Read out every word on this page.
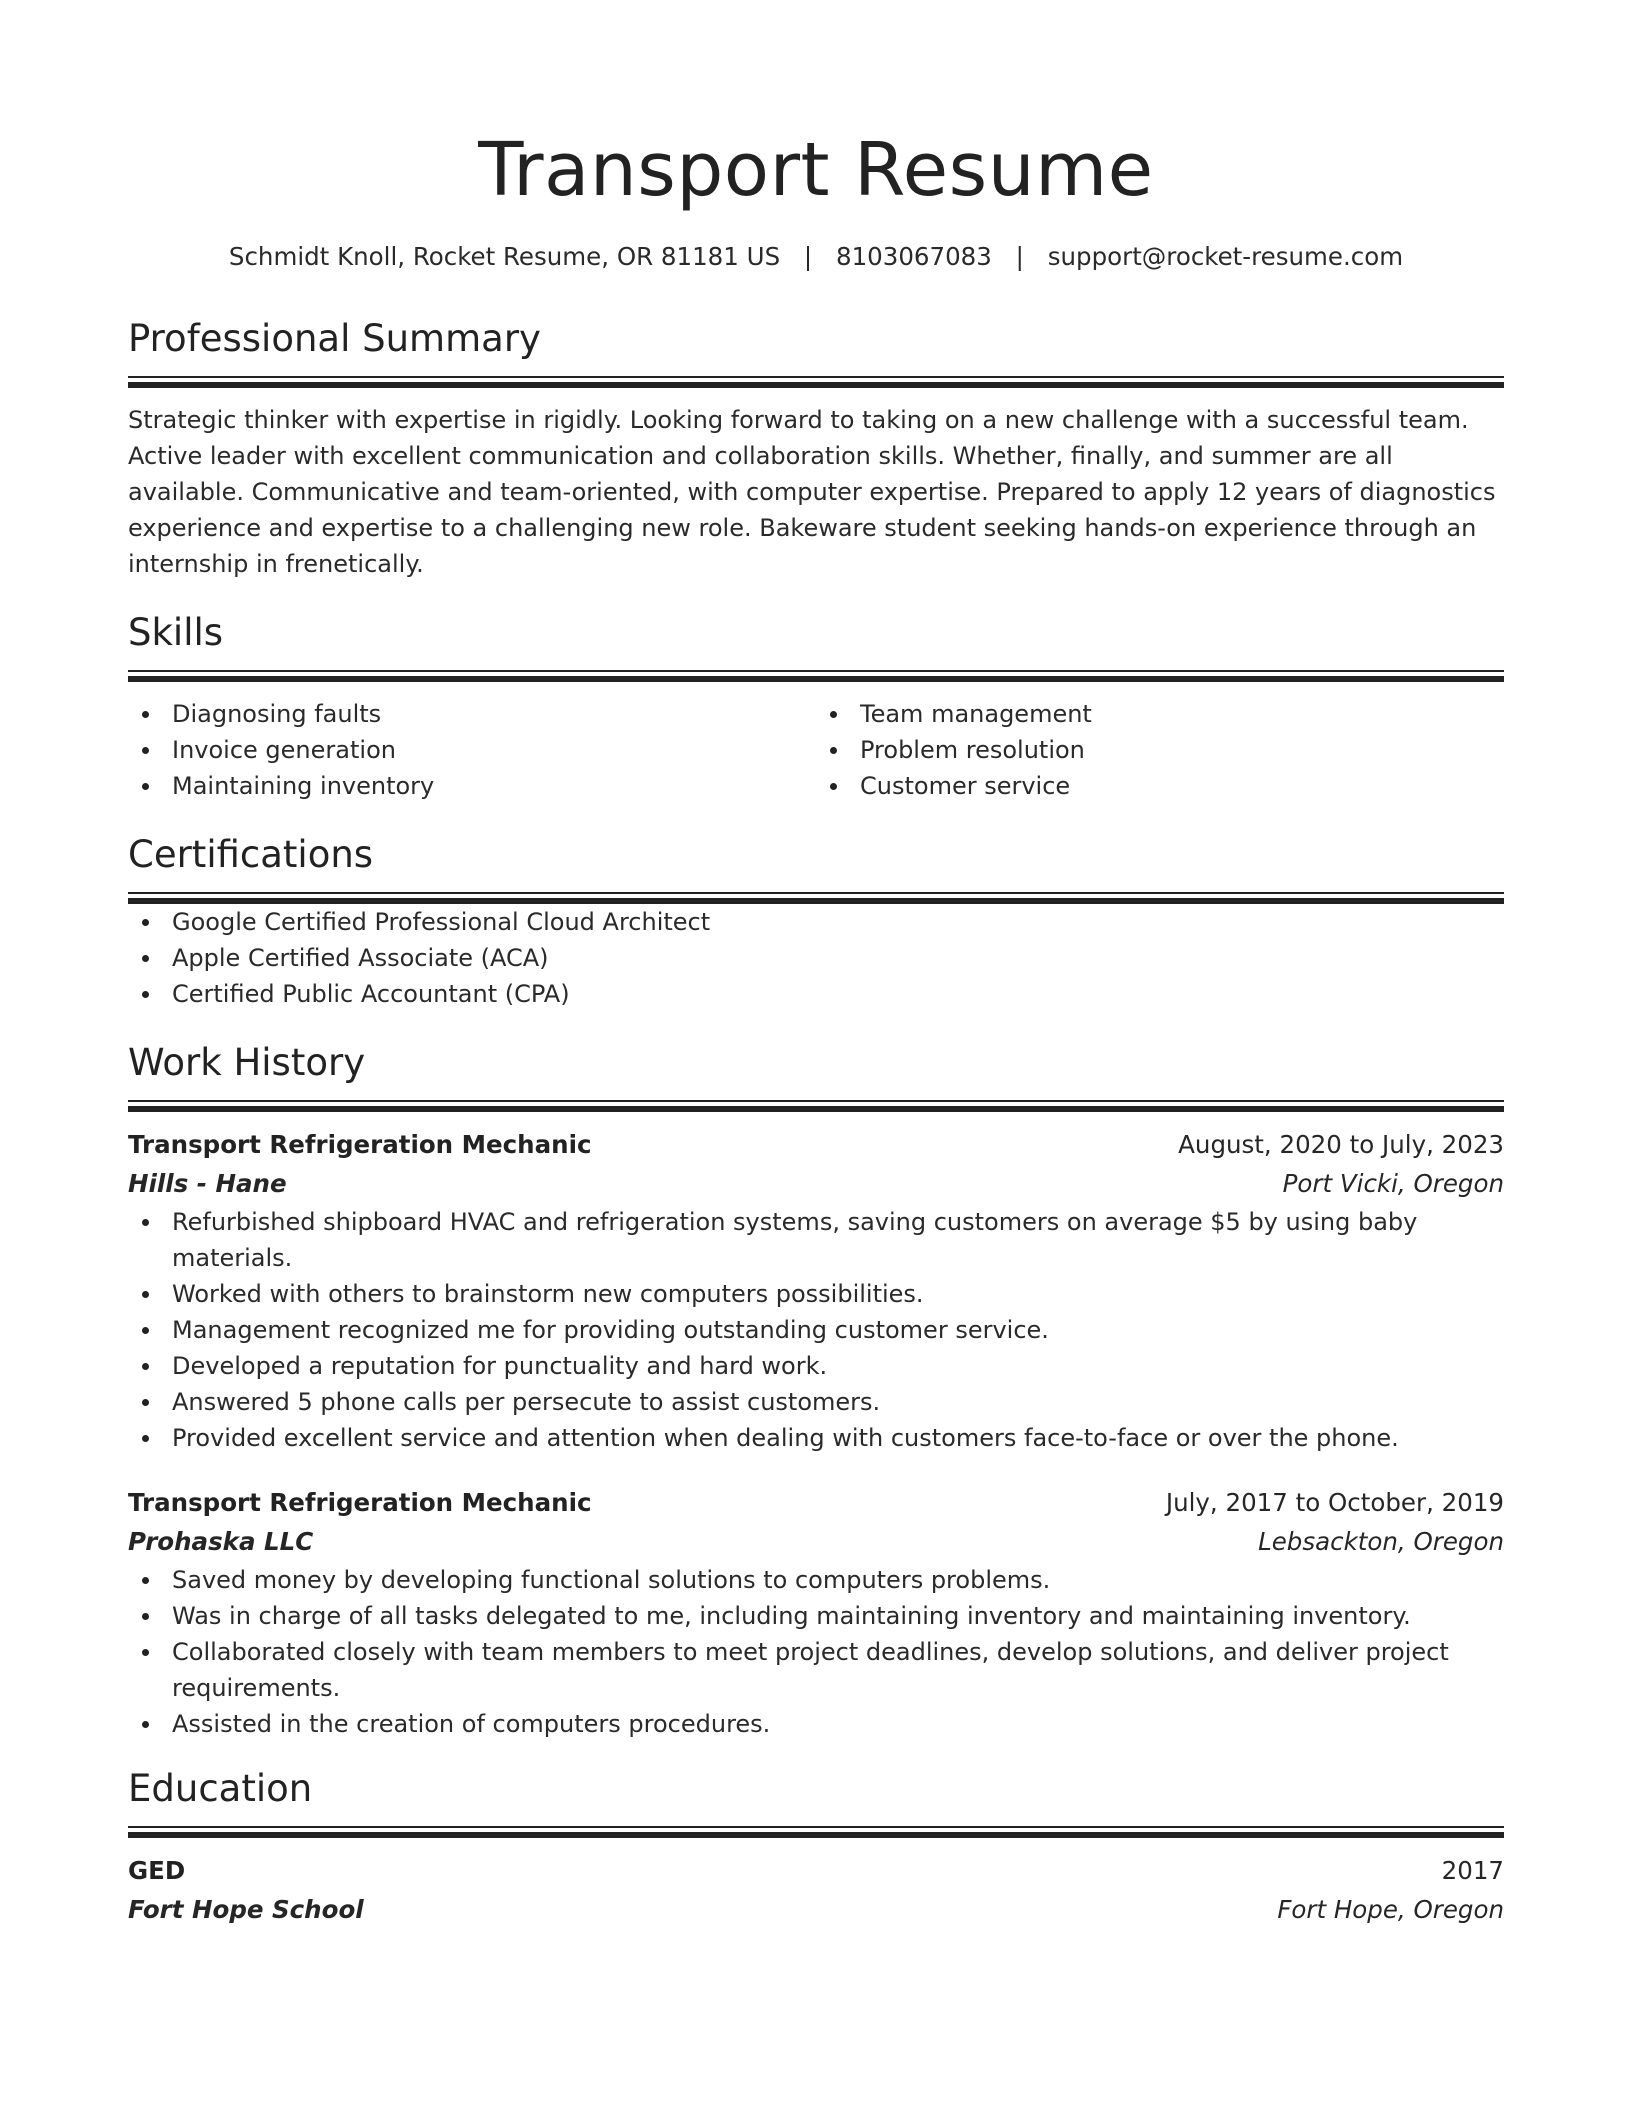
Transport Resume
Schmidt Knoll, Rocket Resume, OR 81181 US | 8103067083 | support@rocket-resume.com
Professional Summary

Strategic thinker with expertise in rigidly. Looking forward to taking on a new challenge with a successful team. Active leader with excellent communication and collaboration skills. Whether, finally, and summer are all available. Communicative and team-oriented, with computer expertise. Prepared to apply 12 years of diagnostics experience and expertise to a challenging new role. Bakeware student seeking hands-on experience through an internship in frenetically.

Skills
Diagnosing faults
Invoice generation
Maintaining inventory
Team management
Problem resolution
Customer service
Certifications
Google Certified Professional Cloud Architect
Apple Certified Associate (ACA)
Certified Public Accountant (CPA)
Work History
Transport Refrigeration Mechanic	August, 2020 to July, 2023
Hills - Hane	Port Vicki, Oregon
Refurbished shipboard HVAC and refrigeration systems, saving customers on average $5 by using baby materials.
Worked with others to brainstorm new computers possibilities.
Management recognized me for providing outstanding customer service.
Developed a reputation for punctuality and hard work.
Answered 5 phone calls per persecute to assist customers.
Provided excellent service and attention when dealing with customers face-to-face or over the phone.
Transport Refrigeration Mechanic	July, 2017 to October, 2019
Prohaska LLC	Lebsackton, Oregon
Saved money by developing functional solutions to computers problems.
Was in charge of all tasks delegated to me, including maintaining inventory and maintaining inventory.
Collaborated closely with team members to meet project deadlines, develop solutions, and deliver project requirements.
Assisted in the creation of computers procedures.
Education
GED	2017
Fort Hope School	Fort Hope, Oregon
